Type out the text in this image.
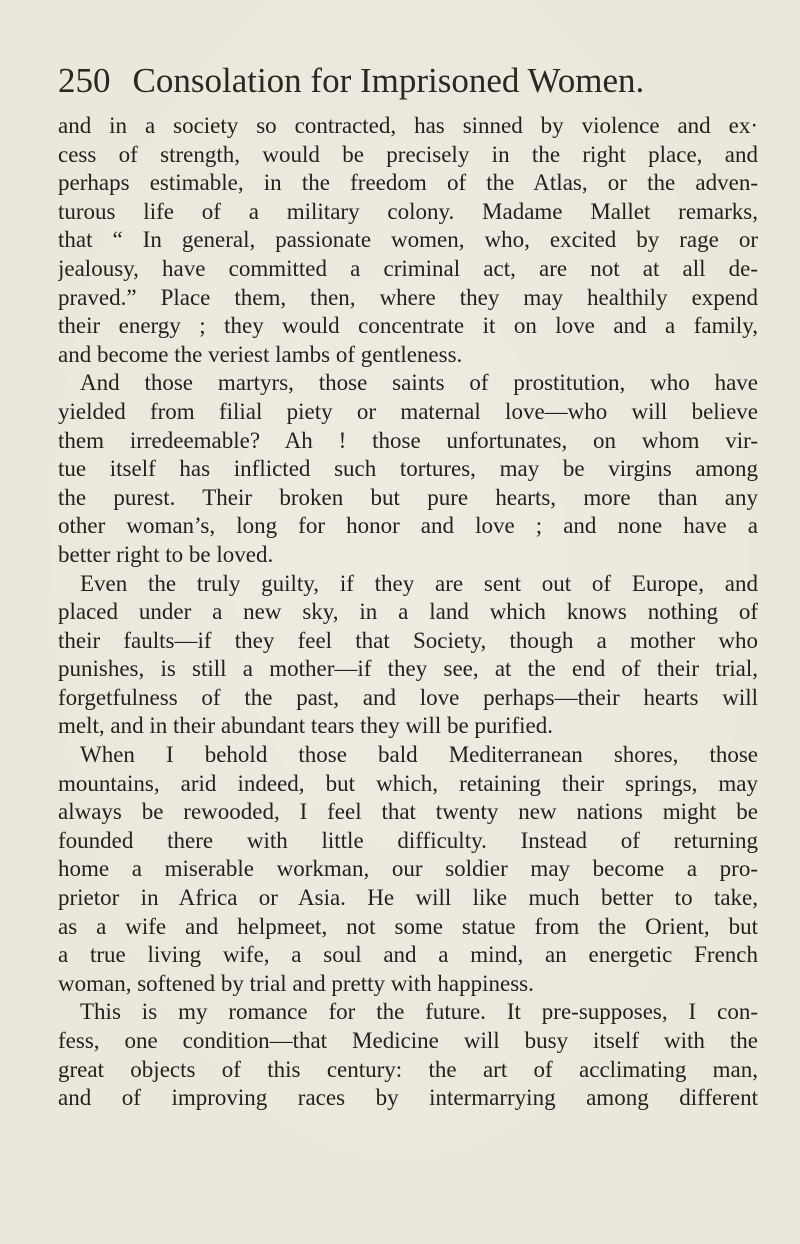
250 Consolation for Imprisoned Women.
and in a society so contracted, has sinned by violence and ex·
cess of strength, would be precisely in the right place, and
perhaps estimable, in the freedom of the Atlas, or the adven-
turous life of a military colony. Madame Mallet remarks,
that “ In general, passionate women, who, excited by rage or
jealousy, have committed a criminal act, are not at all de-
praved.” Place them, then, where they may healthily expend
their energy ; they would concentrate it on love and a family,
and become the veriest lambs of gentleness.
And those martyrs, those saints of prostitution, who have
yielded from filial piety or maternal love—who will believe
them irredeemable? Ah ! those unfortunates, on whom vir-
tue itself has inflicted such tortures, may be virgins among
the purest. Their broken but pure hearts, more than any
other woman’s, long for honor and love ; and none have a
better right to be loved.
Even the truly guilty, if they are sent out of Europe, and
placed under a new sky, in a land which knows nothing of
their faults—if they feel that Society, though a mother who
punishes, is still a mother—if they see, at the end of their trial,
forgetfulness of the past, and love perhaps—their hearts will
melt, and in their abundant tears they will be purified.
When I behold those bald Mediterranean shores, those
mountains, arid indeed, but which, retaining their springs, may
always be rewooded, I feel that twenty new nations might be
founded there with little difficulty. Instead of returning
home a miserable workman, our soldier may become a pro-
prietor in Africa or Asia. He will like much better to take,
as a wife and helpmeet, not some statue from the Orient, but
a true living wife, a soul and a mind, an energetic French
woman, softened by trial and pretty with happiness.
This is my romance for the future. It pre-supposes, I con-
fess, one condition—that Medicine will busy itself with the
great objects of this century: the art of acclimating man,
and of improving races by intermarrying among different
